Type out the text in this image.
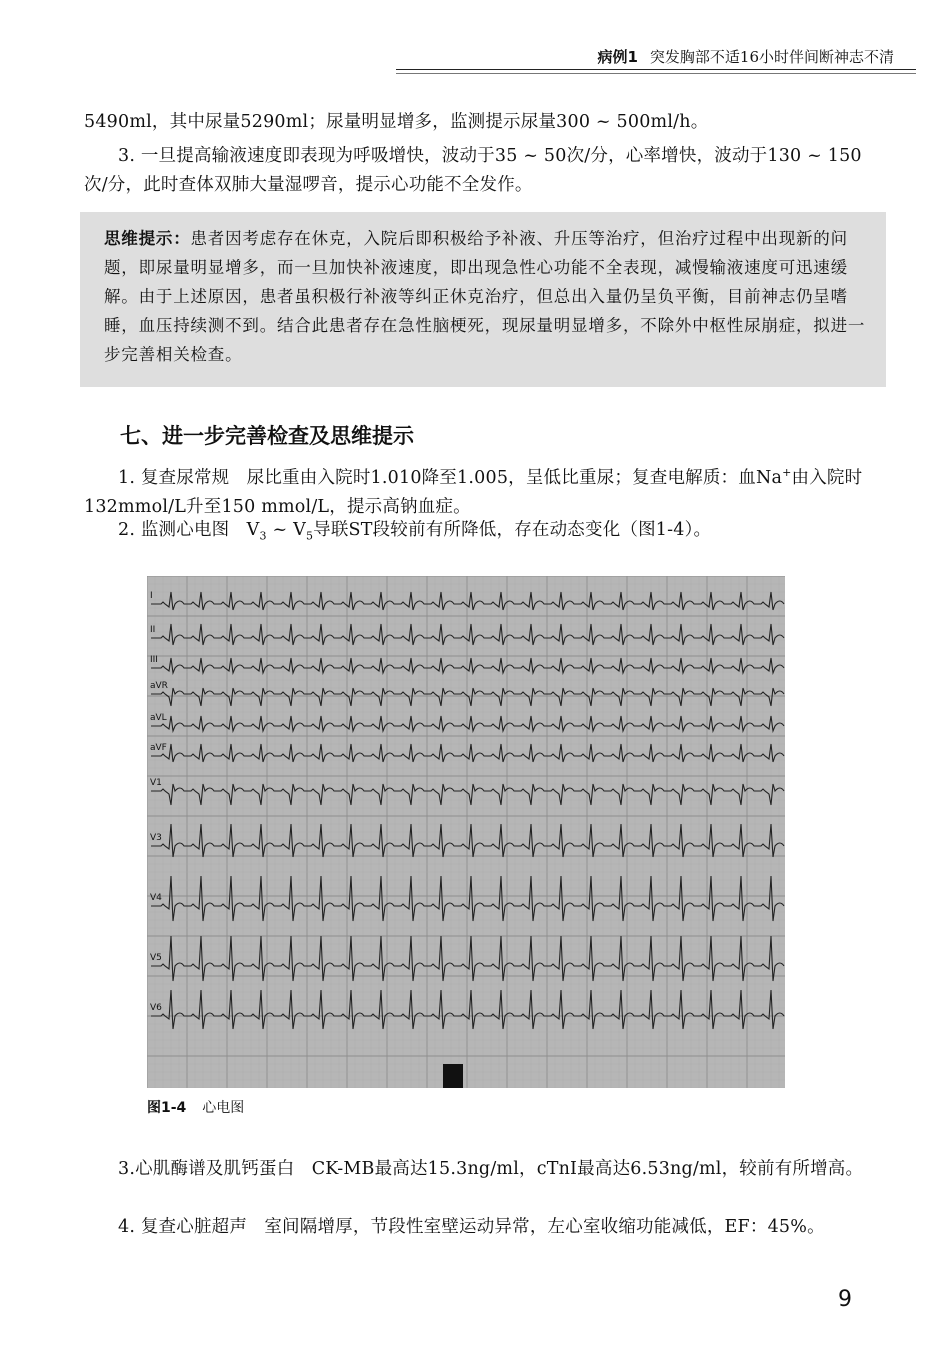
病例1 突发胸部不适16小时伴间断神志不清
5490ml，其中尿量5290ml；尿量明显增多，监测提示尿量300 ~ 500ml/h。
3. 一旦提高输液速度即表现为呼吸增快，波动于35 ~ 50次/分，心率增快，波动于130 ~ 150次/分，此时查体双肺大量湿啰音，提示心功能不全发作。
思维提示：患者因考虑存在休克，入院后即积极给予补液、升压等治疗，但治疗过程中出现新的问题，即尿量明显增多，而一旦加快补液速度，即出现急性心功能不全表现，减慢输液速度可迅速缓解。由于上述原因，患者虽积极行补液等纠正休克治疗，但总出入量仍呈负平衡，目前神志仍呈嗜睡，血压持续测不到。结合此患者存在急性脑梗死，现尿量明显增多，不除外中枢性尿崩症，拟进一步完善相关检查。
七、进一步完善检查及思维提示
1. 复查尿常规 尿比重由入院时1.010降至1.005，呈低比重尿；复查电解质：血Na+由入院时132mmol/L升至150 mmol/L，提示高钠血症。
2. 监测心电图 $V_3$ ~ $V_5$导联ST段较前有所降低，存在动态变化（图1-4）。
I
II
III
aVR
aVL
aVF
V1
V3
V4
V5
V6
图1-4 心电图
3.心肌酶谱及肌钙蛋白 CK-MB最高达15.3ng/ml，cTnI最高达6.53ng/ml，较前有所增高。
4. 复查心脏超声 室间隔增厚，节段性室壁运动异常，左心室收缩功能减低，EF：45%。
9
